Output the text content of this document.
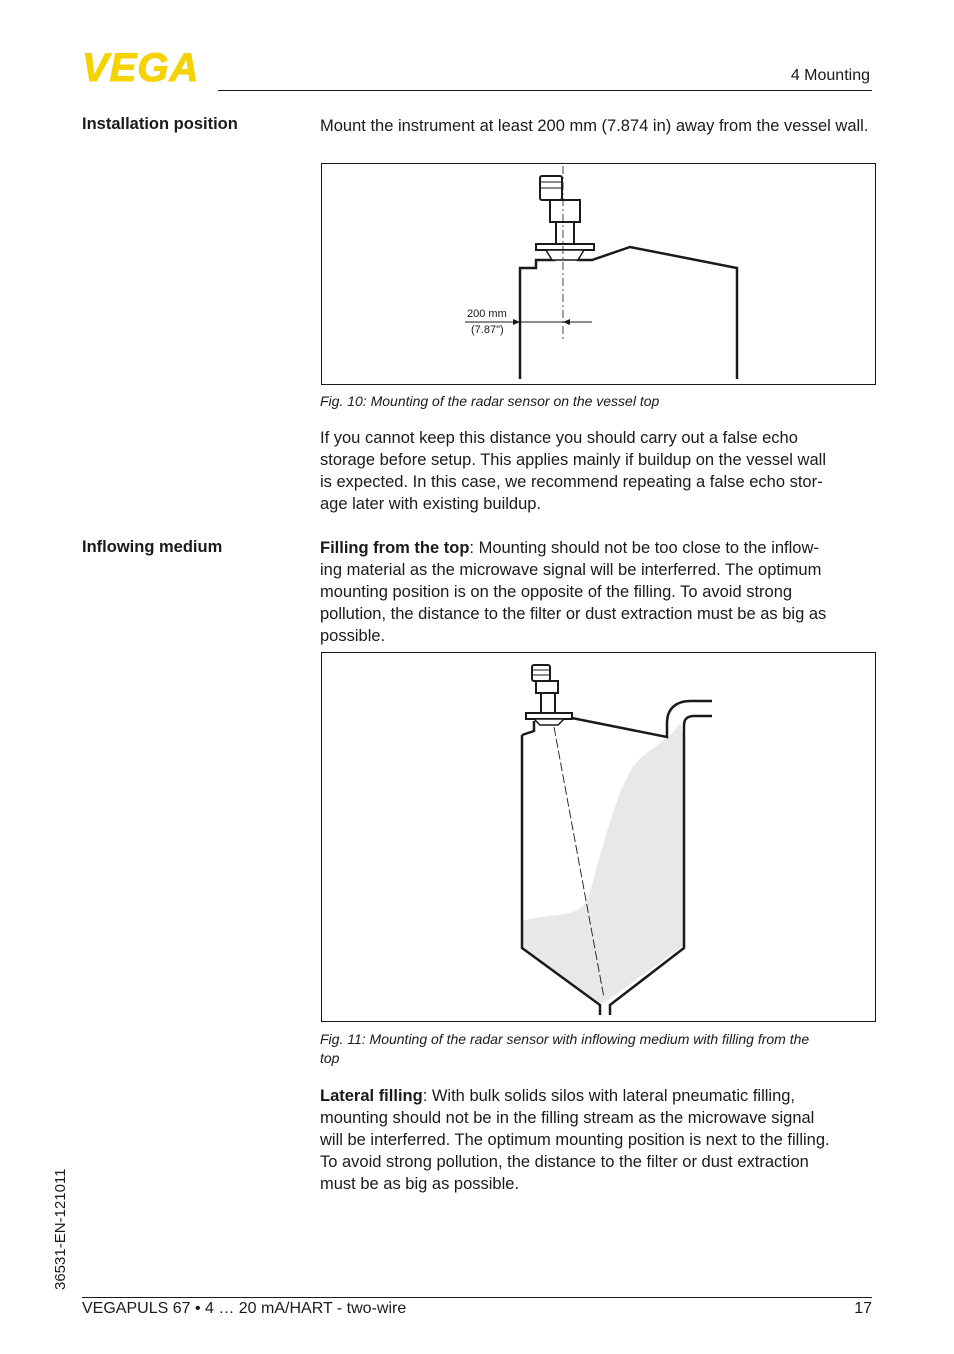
VEGA	4 Mounting
Installation position	Mount the instrument at least 200 mm (7.874 in) away from the vessel wall.
200 mm
(7.87")
Fig. 10: Mounting of the radar sensor on the vessel top
If you cannot keep this distance you should carry out a false echo
storage before setup. This applies mainly if buildup on the vessel wall
is expected. In this case, we recommend repeating a false echo stor-
age later with existing buildup.
Inflowing medium	Filling from the top: Mounting should not be too close to the inflow-
ing material as the microwave signal will be interferred. The optimum
mounting position is on the opposite of the filling. To avoid strong
pollution, the distance to the filter or dust extraction must be as big as
possible.
Fig. 11: Mounting of the radar sensor with inflowing medium with filling from the
top
Lateral filling: With bulk solids silos with lateral pneumatic filling,
mounting should not be in the filling stream as the microwave signal
will be interferred. The optimum mounting position is next to the filling.
To avoid strong pollution, the distance to the filter or dust extraction
must be as big as possible.
36531-EN-121011
VEGAPULS 67 • 4 … 20 mA/HART - two-wire	17
